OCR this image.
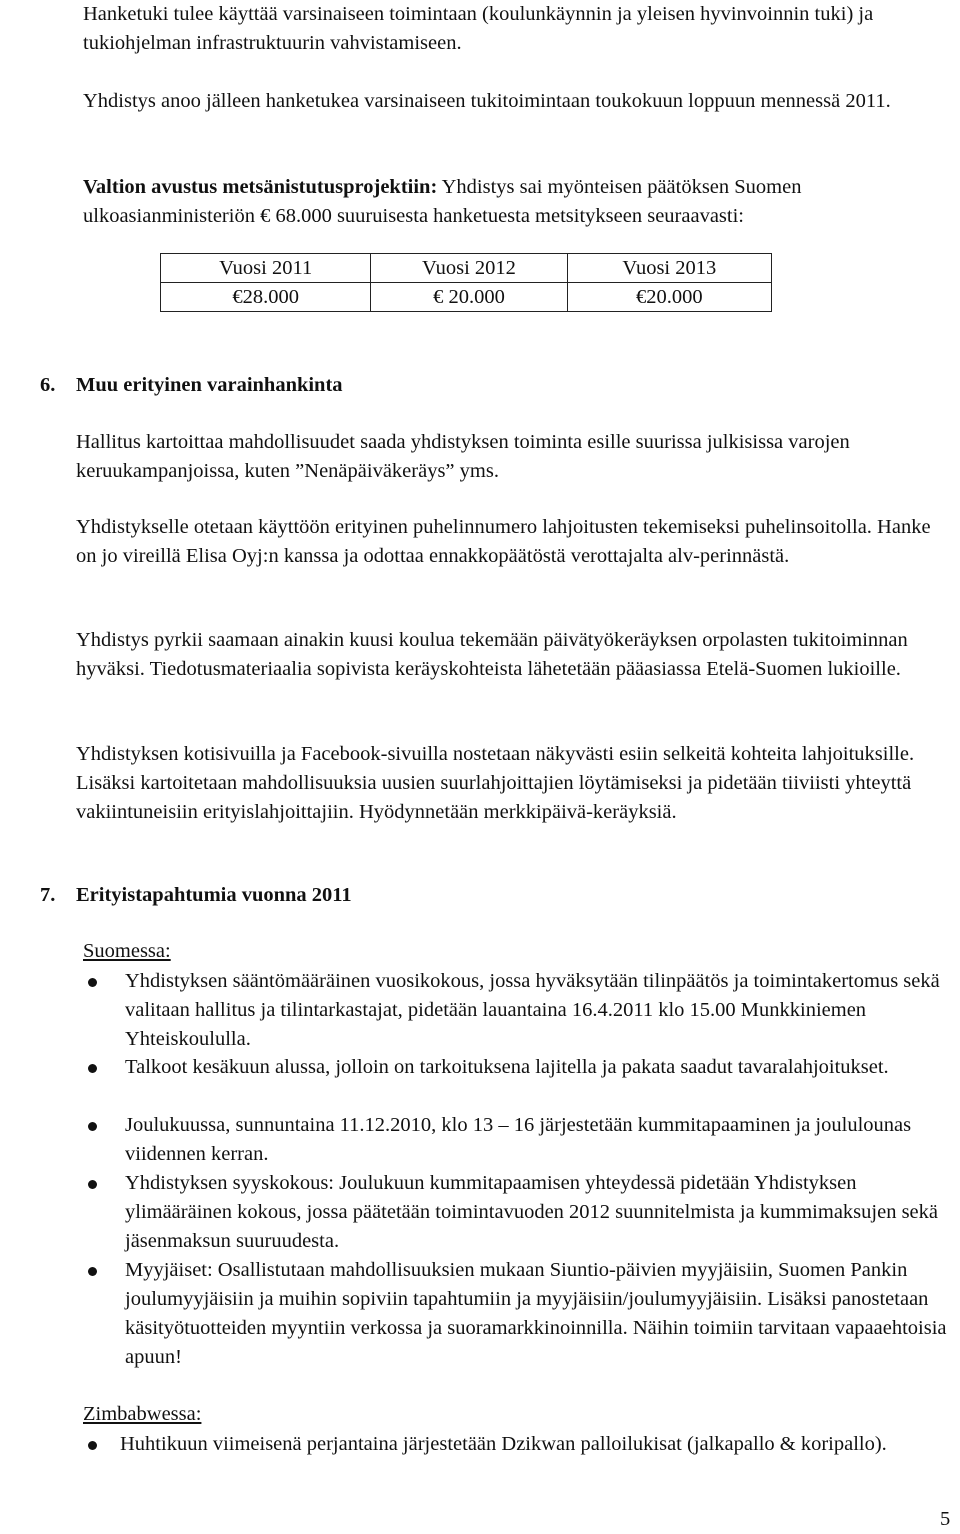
Hanketuki tulee käyttää varsinaiseen toimintaan (koulunkäynnin ja yleisen hyvinvoinnin tuki) ja tukiohjelman infrastruktuurin vahvistamiseen.

Yhdistys anoo jälleen hanketukea varsinaiseen tukitoimintaan toukokuun loppuun mennessä 2011.

Valtion avustus metsänistutusprojektiin: Yhdistys sai myönteisen päätöksen Suomen ulkoasianministeriön € 68.000 suuruisesta hanketuesta metsitykseen seuraavasti:

Vuosi 2011	Vuosi 2012	Vuosi 2013
€28.000	€ 20.000	€20.000
6. Muu erityinen varainhankinta

Hallitus kartoittaa mahdollisuudet saada yhdistyksen toiminta esille suurissa julkisissa varojen keruukampanjoissa, kuten ”Nenäpäiväkeräys” yms.

Yhdistykselle otetaan käyttöön erityinen puhelinnumero lahjoitusten tekemiseksi puhelinsoitolla. Hanke on jo vireillä Elisa Oyj:n kanssa ja odottaa ennakkopäätöstä verottajalta alv-perinnästä.

Yhdistys pyrkii saamaan ainakin kuusi koulua tekemään päivätyökeräyksen orpolasten tukitoiminnan hyväksi. Tiedotusmateriaalia sopivista keräyskohteista lähetetään pääasiassa Etelä-Suomen lukioille.

Yhdistyksen kotisivuilla ja Facebook-sivuilla nostetaan näkyvästi esiin selkeitä kohteita lahjoituksille. Lisäksi kartoitetaan mahdollisuuksia uusien suurlahjoittajien löytämiseksi ja pidetään tiiviisti yhteyttä vakiintuneisiin erityislahjoittajiin. Hyödynnetään merkkipäivä-keräyksiä.

7. Erityistapahtumia vuonna 2011
Suomessa:

Yhdistyksen sääntömääräinen vuosikokous, jossa hyväksytään tilinpäätös ja toimintakertomus sekä valitaan hallitus ja tilintarkastajat, pidetään lauantaina 16.4.2011 klo 15.00 Munkkiniemen Yhteiskoululla.

Talkoot kesäkuun alussa, jolloin on tarkoituksena lajitella ja pakata saadut tavaralahjoitukset.

Joulukuussa, sunnuntaina 11.12.2010, klo 13 – 16 järjestetään kummitapaaminen ja joululounas viidennen kerran.

Yhdistyksen syyskokous: Joulukuun kummitapaamisen yhteydessä pidetään Yhdistyksen ylimääräinen kokous, jossa päätetään toimintavuoden 2012 suunnitelmista ja kummimaksujen sekä jäsenmaksun suuruudesta.

Myyjäiset: Osallistutaan mahdollisuuksien mukaan Siuntio-päivien myyjäisiin, Suomen Pankin joulumyyjäisiin ja muihin sopiviin tapahtumiin ja myyjäisiin/joulumyyjäisiin. Lisäksi panostetaan käsityötuotteiden myyntiin verkossa ja suoramarkkinoinnilla. Näihin toimiin tarvitaan vapaaehtoisia apuun!

Zimbabwessa:

Huhtikuun viimeisenä perjantaina järjestetään Dzikwan palloilukisat (jalkapallo & koripallo).

5
